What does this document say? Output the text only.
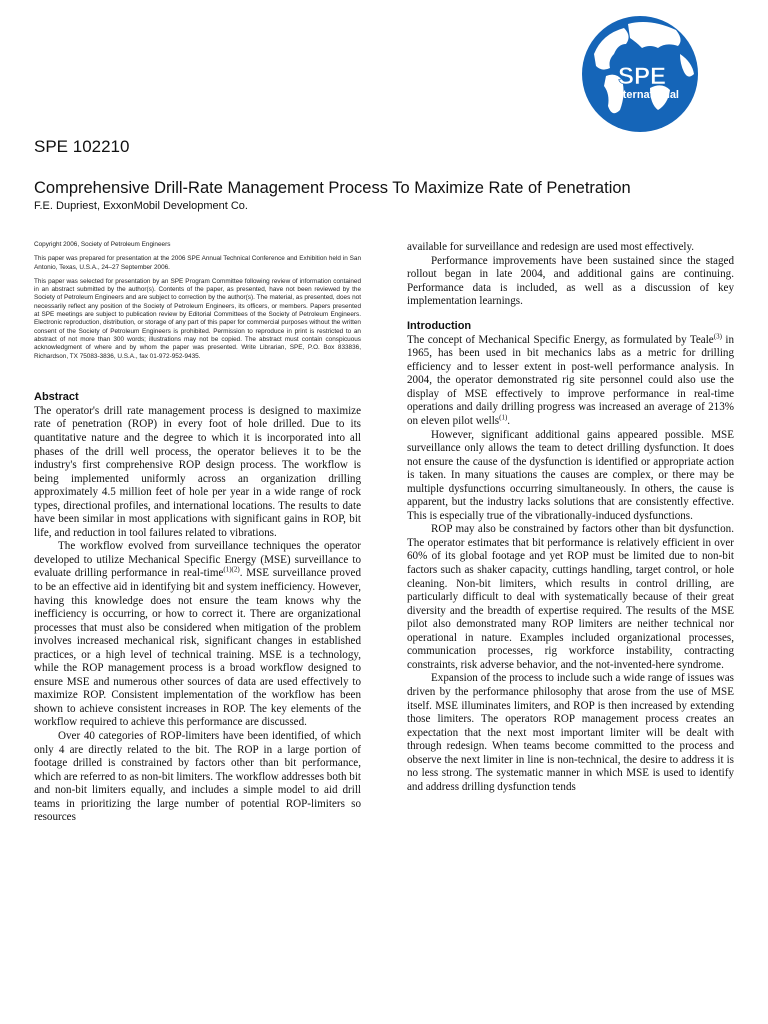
SPE
International
SPE 102210
Comprehensive Drill-Rate Management Process To Maximize Rate of Penetration
F.E. Dupriest, ExxonMobil Development Co.

Copyright 2006, Society of Petroleum Engineers

This paper was prepared for presentation at the 2006 SPE Annual Technical Conference and Exhibition held in San Antonio, Texas, U.S.A., 24–27 September 2006.

This paper was selected for presentation by an SPE Program Committee following review of information contained in an abstract submitted by the author(s). Contents of the paper, as presented, have not been reviewed by the Society of Petroleum Engineers and are subject to correction by the author(s). The material, as presented, does not necessarily reflect any position of the Society of Petroleum Engineers, its officers, or members. Papers presented at SPE meetings are subject to publication review by Editorial Committees of the Society of Petroleum Engineers. Electronic reproduction, distribution, or storage of any part of this paper for commercial purposes without the written consent of the Society of Petroleum Engineers is prohibited. Permission to reproduce in print is restricted to an abstract of not more than 300 words; illustrations may not be copied. The abstract must contain conspicuous acknowledgment of where and by whom the paper was presented. Write Librarian, SPE, P.O. Box 833836, Richardson, TX 75083-3836, U.S.A., fax 01-972-952-9435.

Abstract

The operator's drill rate management process is designed to maximize rate of penetration (ROP) in every foot of hole drilled. Due to its quantitative nature and the degree to which it is incorporated into all phases of the drill well process, the operator believes it to be the industry's first comprehensive ROP design process. The workflow is being implemented uniformly across an organization drilling approximately 4.5 million feet of hole per year in a wide range of rock types, directional profiles, and international locations. The results to date have been similar in most applications with significant gains in ROP, bit life, and reduction in tool failures related to vibrations.

The workflow evolved from surveillance techniques the operator developed to utilize Mechanical Specific Energy (MSE) surveillance to evaluate drilling performance in real-time$^{(1)(2)}$. MSE surveillance proved to be an effective aid in identifying bit and system inefficiency. However, having this knowledge does not ensure the team knows why the inefficiency is occurring, or how to correct it. There are organizational processes that must also be considered when mitigation of the problem involves increased mechanical risk, significant changes in established practices, or a high level of technical training. MSE is a technology, while the ROP management process is a broad workflow designed to ensure MSE and numerous other sources of data are used effectively to maximize ROP. Consistent implementation of the workflow has been shown to achieve consistent increases in ROP. The key elements of the workflow required to achieve this performance are discussed.

Over 40 categories of ROP-limiters have been identified, of which only 4 are directly related to the bit. The ROP in a large portion of footage drilled is constrained by factors other than bit performance, which are referred to as non-bit limiters. The workflow addresses both bit and non-bit limiters equally, and includes a simple model to aid drill teams in prioritizing the large number of potential ROP-limiters so resources

available for surveillance and redesign are used most effectively.

Performance improvements have been sustained since the staged rollout began in late 2004, and additional gains are continuing. Performance data is included, as well as a discussion of key implementation learnings.

Introduction

The concept of Mechanical Specific Energy, as formulated by Teale$^{(3)}$ in 1965, has been used in bit mechanics labs as a metric for drilling efficiency and to lesser extent in post-well performance analysis. In 2004, the operator demonstrated rig site personnel could also use the display of MSE effectively to improve performance in real-time operations and daily drilling progress was increased an average of 213% on eleven pilot wells$^{(1)}$.

However, significant additional gains appeared possible. MSE surveillance only allows the team to detect drilling dysfunction. It does not ensure the cause of the dysfunction is identified or appropriate action is taken. In many situations the causes are complex, or there may be multiple dysfunctions occurring simultaneously. In others, the cause is apparent, but the industry lacks solutions that are consistently effective. This is especially true of the vibrationally-induced dysfunctions.

ROP may also be constrained by factors other than bit dysfunction. The operator estimates that bit performance is relatively efficient in over 60% of its global footage and yet ROP must be limited due to non-bit factors such as shaker capacity, cuttings handling, target control, or hole cleaning. Non-bit limiters, which results in control drilling, are particularly difficult to deal with systematically because of their great diversity and the breadth of expertise required. The results of the MSE pilot also demonstrated many ROP limiters are neither technical nor operational in nature. Examples included organizational processes, communication processes, rig workforce instability, contracting constraints, risk adverse behavior, and the not-invented-here syndrome.

Expansion of the process to include such a wide range of issues was driven by the performance philosophy that arose from the use of MSE itself. MSE illuminates limiters, and ROP is then increased by extending those limiters. The operators ROP management process creates an expectation that the next most important limiter will be dealt with through redesign. When teams become committed to the process and observe the next limiter in line is non-technical, the desire to address it is no less strong. The systematic manner in which MSE is used to identify and address drilling dysfunction tends
